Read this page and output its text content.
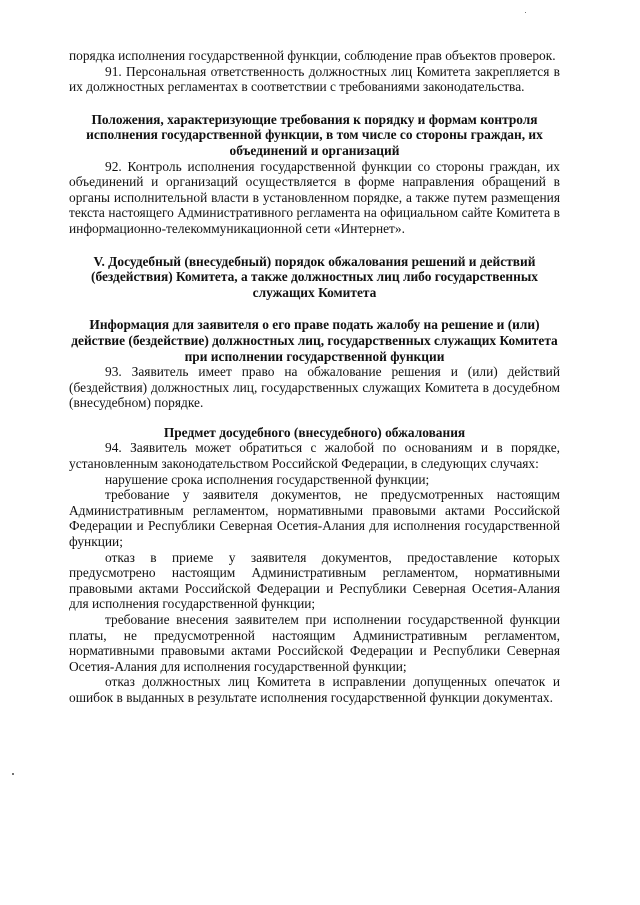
порядка исполнения государственной функции, соблюдение прав объектов проверок.

91. Персональная ответственность должностных лиц Комитета закрепляется в их должностных регламентах в соответствии с требованиями законодательства.

Положения, характеризующие требования к порядку и формам контроля исполнения государственной функции, в том числе со стороны граждан, их объединений и организаций

92. Контроль исполнения государственной функции со стороны граждан, их объединений и организаций осуществляется в форме направления обращений в органы исполнительной власти в установленном порядке, а также путем размещения текста настоящего Административного регламента на официальном сайте Комитета в информационно-телекоммуникационной сети «Интернет».

V. Досудебный (внесудебный) порядок обжалования решений и действий (бездействия) Комитета, а также должностных лиц либо государственных служащих Комитета

Информация для заявителя о его праве подать жалобу на решение и (или) действие (бездействие) должностных лиц, государственных служащих Комитета при исполнении государственной функции

93. Заявитель имеет право на обжалование решения и (или) действий (бездействия) должностных лиц, государственных служащих Комитета в досудебном (внесудебном) порядке.

Предмет досудебного (внесудебного) обжалования

94. Заявитель может обратиться с жалобой по основаниям и в порядке, установленным законодательством Российской Федерации, в следующих случаях:

нарушение срока исполнения государственной функции;

требование у заявителя документов, не предусмотренных настоящим Административным регламентом, нормативными правовыми актами Российской Федерации и Республики Северная Осетия-Алания для исполнения государственной функции;

отказ в приеме у заявителя документов, предоставление которых предусмотрено настоящим Административным регламентом, нормативными правовыми актами Российской Федерации и Республики Северная Осетия-Алания для исполнения государственной функции;

требование внесения заявителем при исполнении государственной функции платы, не предусмотренной настоящим Административным регламентом, нормативными правовыми актами Российской Федерации и Республики Северная Осетия-Алания для исполнения государственной функции;

отказ должностных лиц Комитета в исправлении допущенных опечаток и ошибок в выданных в результате исполнения государственной функции документах.
